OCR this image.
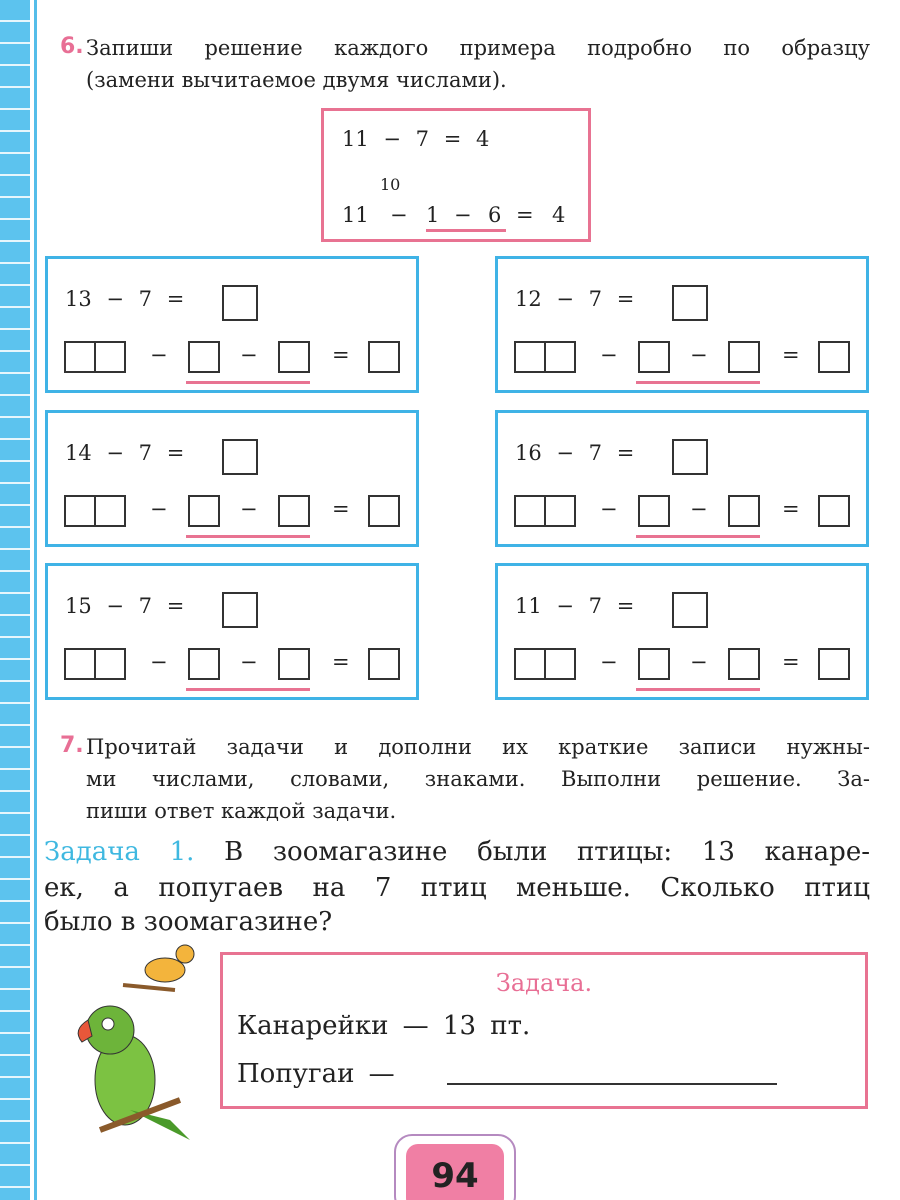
6. Запиши решение каждого примера подробно по образцу
(замени вычитаемое двумя числами).
11 − 7 = 4
10
11 − 1 − 6 = 4
13 − 7 =
−	−	=
12 − 7 =
−	−	=
14 − 7 =
−	−	=
16 − 7 =
−	−	=
15 − 7 =
−	−	=
11 − 7 =
−	−	=
7. Прочитай задачи и дополни их краткие записи нужны-
ми числами, словами, знаками. Выполни решение. За-
пиши ответ каждой задачи.
Задача 1. В зоомагазине были птицы: 13 канаре-
ек, а попугаев на 7 птиц меньше. Сколько птиц
было в зоомагазине?
Задача.
Канарейки — 13 пт.
Попугаи —
94
